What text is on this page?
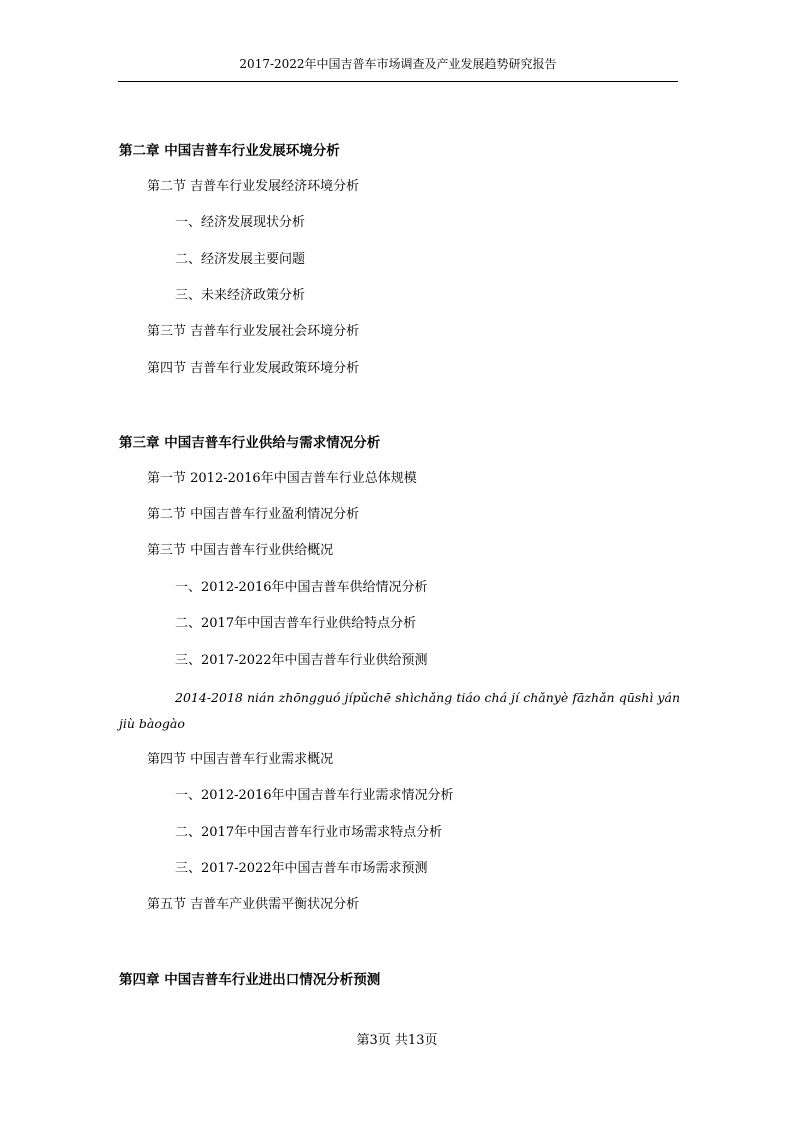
2017-2022年中国吉普车市场调查及产业发展趋势研究报告
第二章 中国吉普车行业发展环境分析
第二节 吉普车行业发展经济环境分析
一、经济发展现状分析
二、经济发展主要问题
三、未来经济政策分析
第三节 吉普车行业发展社会环境分析
第四节 吉普车行业发展政策环境分析
第三章 中国吉普车行业供给与需求情况分析
第一节 2012-2016年中国吉普车行业总体规模
第二节 中国吉普车行业盈利情况分析
第三节 中国吉普车行业供给概况
一、2012-2016年中国吉普车供给情况分析
二、2017年中国吉普车行业供给特点分析
三、2017-2022年中国吉普车行业供给预测
2014-2018 nián zhōngguó jípǔchē shìchǎng tiáo chá jí chǎnyè fāzhǎn qūshì yán jiù bàogào
第四节 中国吉普车行业需求概况
一、2012-2016年中国吉普车行业需求情况分析
二、2017年中国吉普车行业市场需求特点分析
三、2017-2022年中国吉普车市场需求预测
第五节 吉普车产业供需平衡状况分析
第四章 中国吉普车行业进出口情况分析预测
第3页 共13页
